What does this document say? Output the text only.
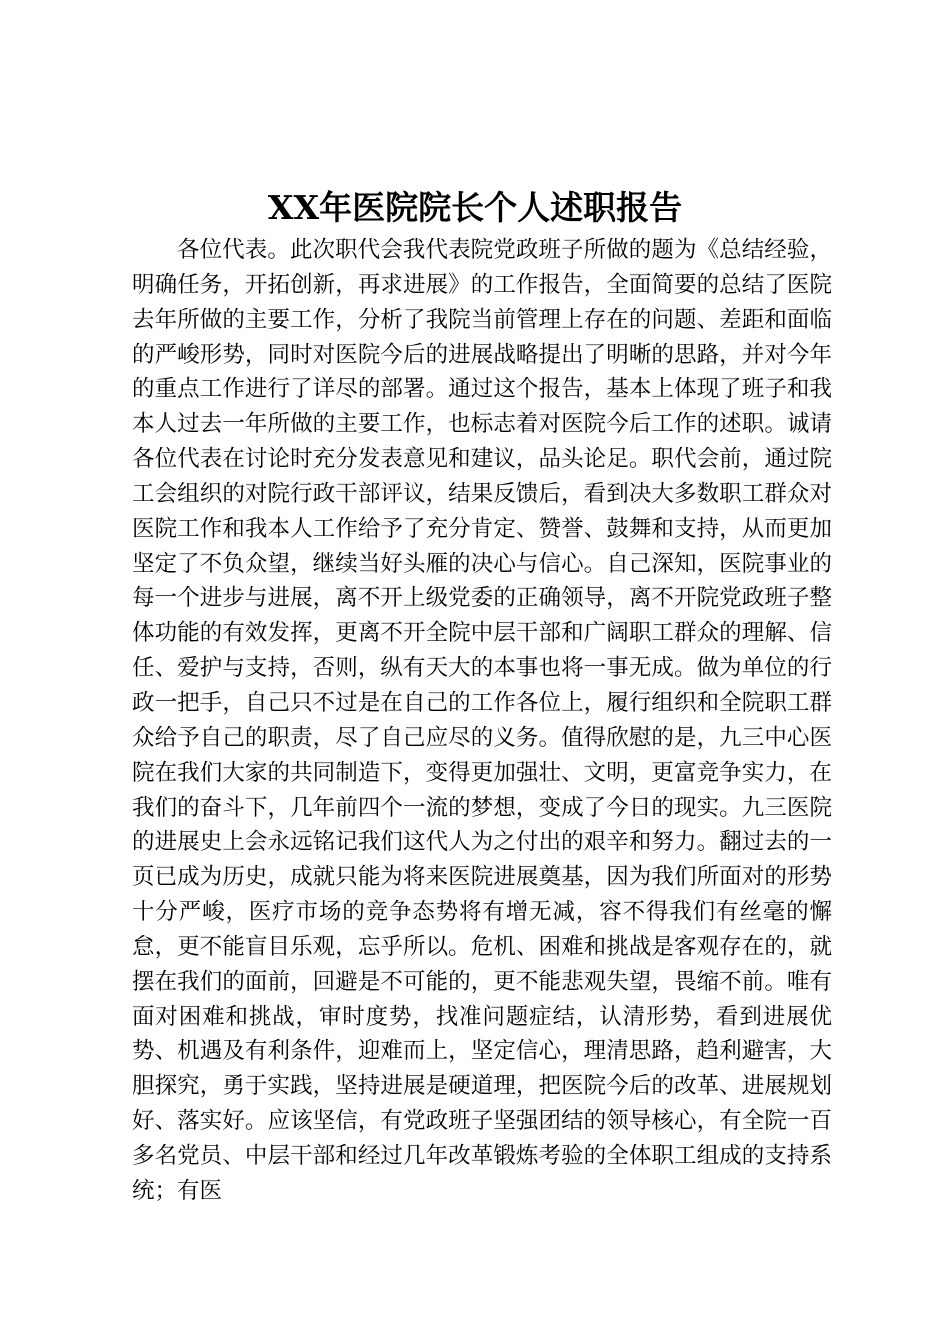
XX年医院院长个人述职报告

各位代表。此次职代会我代表院党政班子所做的题为《总结经验，明确任务，开拓创新，再求进展》的工作报告，全面简要的总结了医院去年所做的主要工作，分析了我院当前管理上存在的问题、差距和面临的严峻形势，同时对医院今后的进展战略提出了明晰的思路，并对今年的重点工作进行了详尽的部署。通过这个报告，基本上体现了班子和我本人过去一年所做的主要工作，也标志着对医院今后工作的述职。诚请各位代表在讨论时充分发表意见和建议，品头论足。职代会前，通过院工会组织的对院行政干部评议，结果反馈后，看到决大多数职工群众对医院工作和我本人工作给予了充分肯定、赞誉、鼓舞和支持，从而更加坚定了不负众望，继续当好头雁的决心与信心。自己深知，医院事业的每一个进步与进展，离不开上级党委的正确领导，离不开院党政班子整体功能的有效发挥，更离不开全院中层干部和广阔职工群众的理解、信任、爱护与支持，否则，纵有天大的本事也将一事无成。做为单位的行政一把手，自己只不过是在自己的工作各位上，履行组织和全院职工群众给予自己的职责，尽了自己应尽的义务。值得欣慰的是，九三中心医院在我们大家的共同制造下，变得更加强壮、文明，更富竞争实力，在我们的奋斗下，几年前四个一流的梦想，变成了今日的现实。九三医院的进展史上会永远铭记我们这代人为之付出的艰辛和努力。翻过去的一页已成为历史，成就只能为将来医院进展奠基，因为我们所面对的形势十分严峻，医疗市场的竞争态势将有增无减，容不得我们有丝毫的懈怠，更不能盲目乐观，忘乎所以。危机、困难和挑战是客观存在的，就摆在我们的面前，回避是不可能的，更不能悲观失望，畏缩不前。唯有面对困难和挑战，审时度势，找准问题症结，认清形势，看到进展优势、机遇及有利条件，迎难而上，坚定信心，理清思路，趋利避害，大胆探究，勇于实践，坚持进展是硬道理，把医院今后的改革、进展规划好、落实好。应该坚信，有党政班子坚强团结的领导核心，有全院一百多名党员、中层干部和经过几年改革锻炼考验的全体职工组成的支持系统；有医
